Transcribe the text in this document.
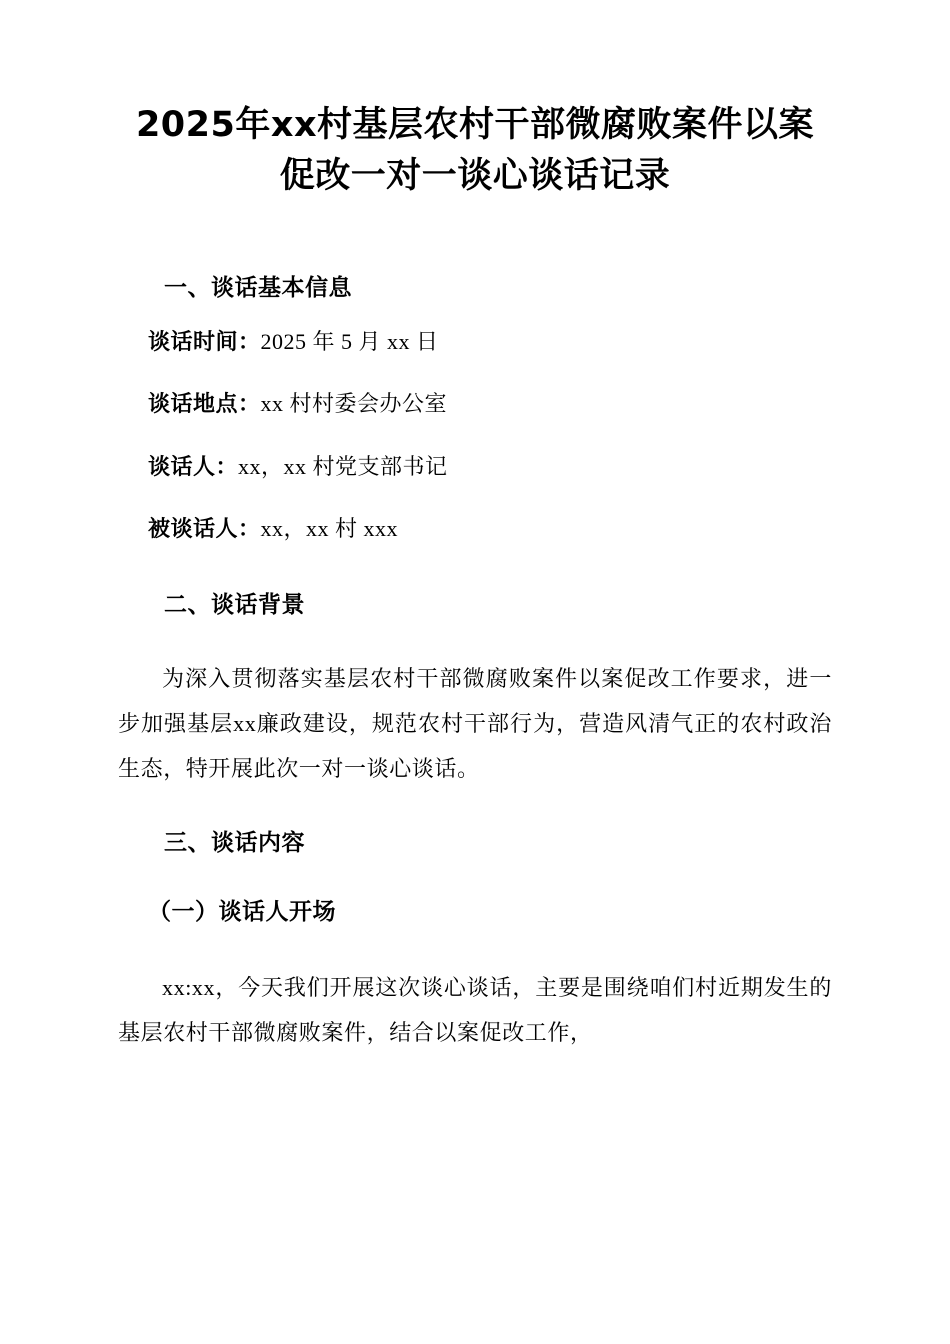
2025年xx村基层农村干部微腐败案件以案促改一对一谈心谈话记录
一、谈话基本信息
谈话时间：2025 年 5 月 xx 日
谈话地点：xx 村村委会办公室
谈话人：xx，xx 村党支部书记
被谈话人：xx，xx 村 xxx
二、谈话背景

为深入贯彻落实基层农村干部微腐败案件以案促改工作要求，进一步加强基层xx廉政建设，规范农村干部行为，营造风清气正的农村政治生态，特开展此次一对一谈心谈话。

三、谈话内容
（一）谈话人开场

xx:xx，今天我们开展这次谈心谈话，主要是围绕咱们村近期发生的基层农村干部微腐败案件，结合以案促改工作，
